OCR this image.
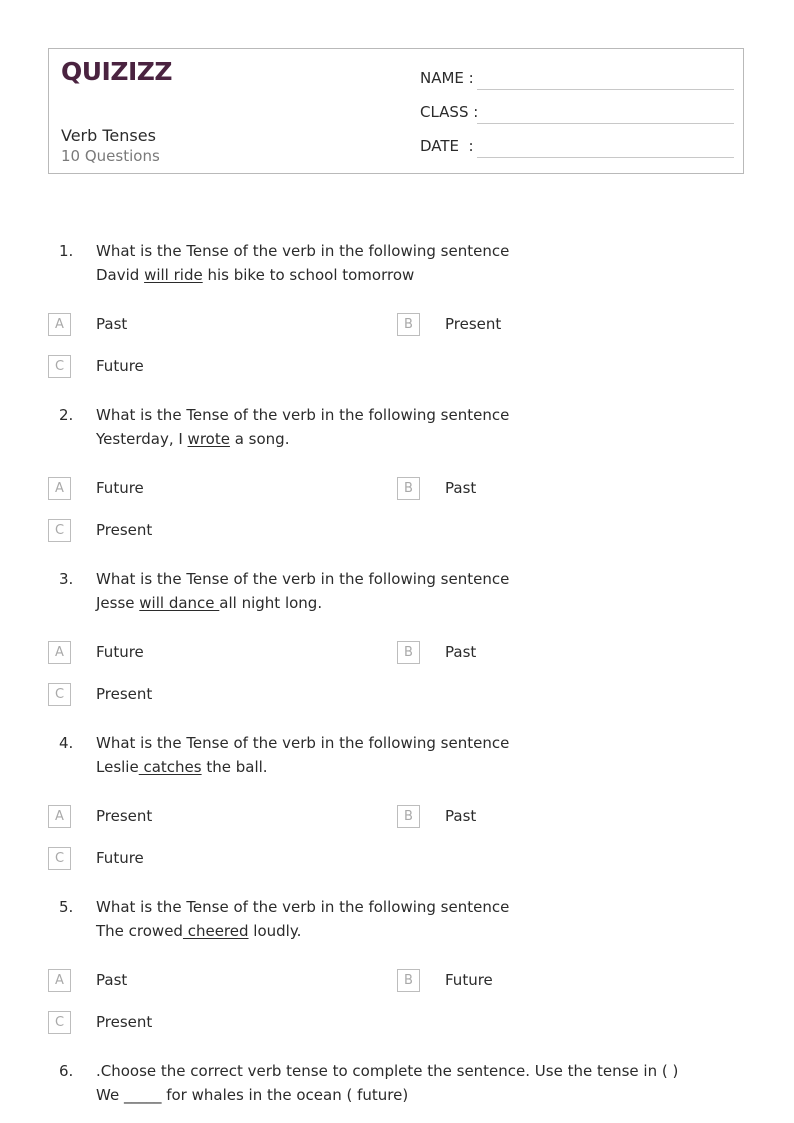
QUIZIZZ
Verb Tenses
10 Questions
NAME :
CLASS :
DATE  :
1. What is the Tense of the verb in the following sentence
David will ride his bike to school tomorrow
A	Past	B	Present
C	Future
2. What is the Tense of the verb in the following sentence
Yesterday, I wrote a song.
A	Future	B	Past
C	Present
3. What is the Tense of the verb in the following sentence
Jesse will dance all night long.
A	Future	B	Past
C	Present
4. What is the Tense of the verb in the following sentence
Leslie catches the ball.
A	Present	B	Past
C	Future
5. What is the Tense of the verb in the following sentence
The crowed cheered loudly.
A	Past	B	Future
C	Present
6. .Choose the correct verb tense to complete the sentence. Use the tense in ( )
We _____ for whales in the ocean ( future)
